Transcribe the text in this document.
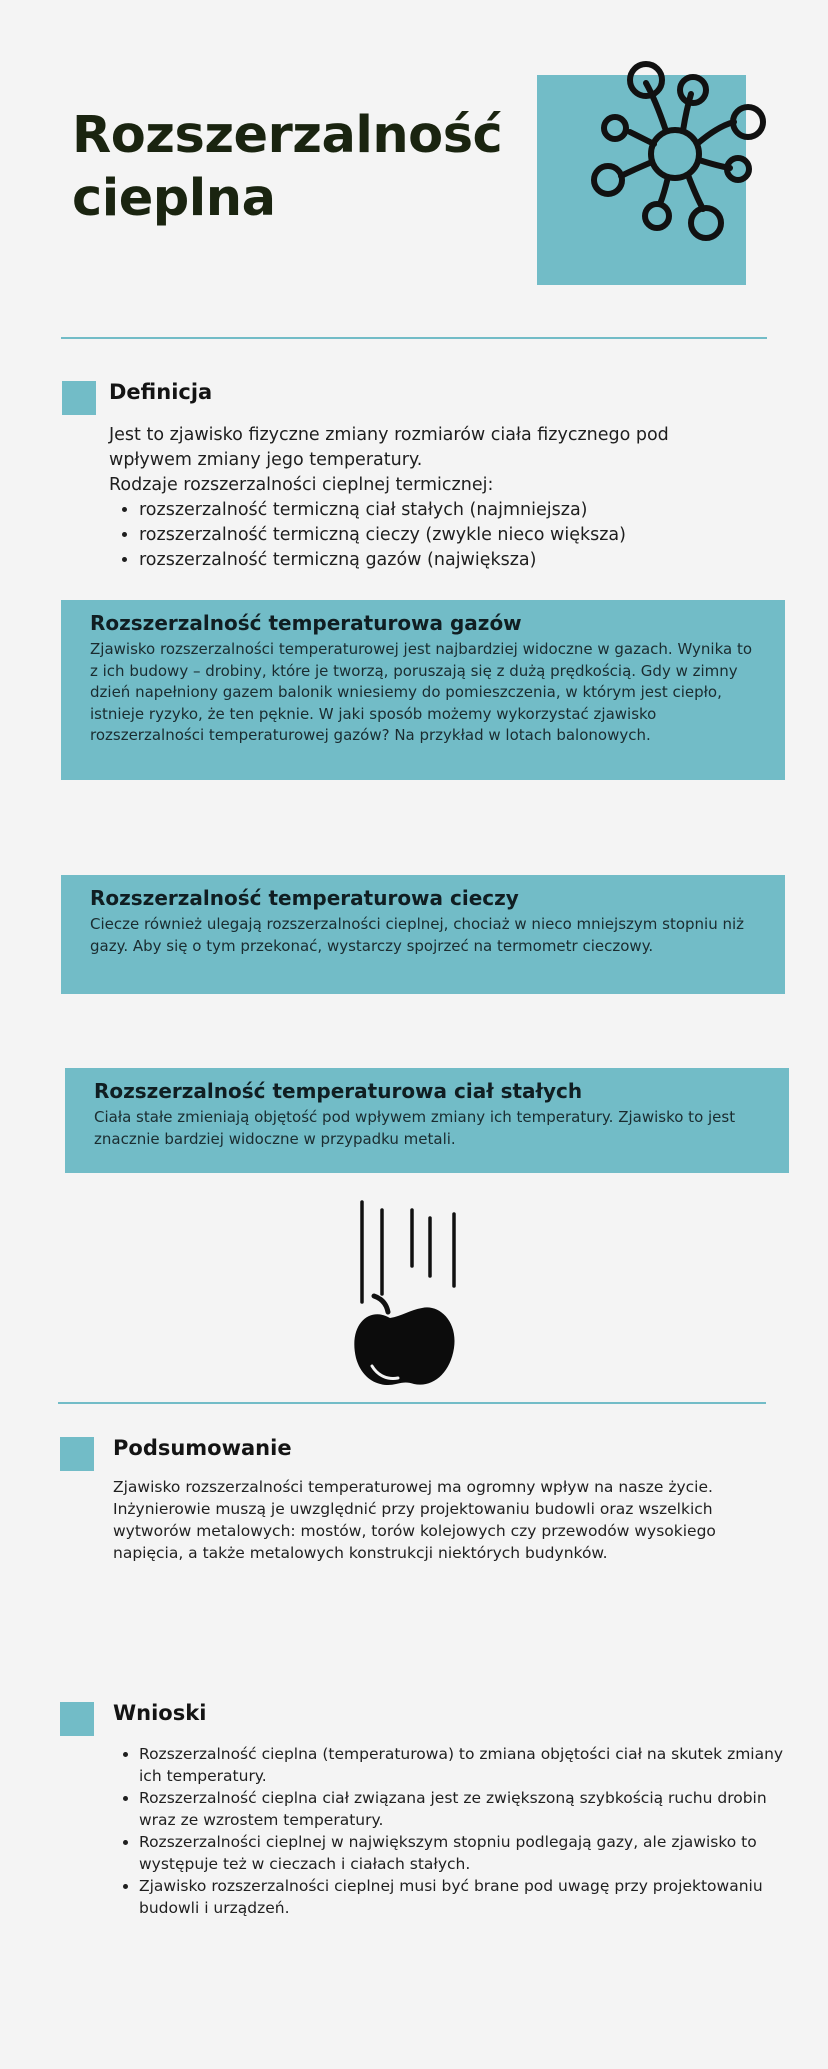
Rozszerzalność
cieplna
Definicja

Jest to zjawisko fizyczne zmiany rozmiarów ciała fizycznego pod wpływem zmiany jego temperatury.

Rodzaje rozszerzalności cieplnej termicznej:

• rozszerzalność termiczną ciał stałych (najmniejsza)
• rozszerzalność termiczną cieczy (zwykle nieco większa)
• rozszerzalność termiczną gazów (największa)
Rozszerzalność temperaturowa gazów

Zjawisko rozszerzalności temperaturowej jest najbardziej widoczne w gazach. Wynika to z ich budowy – drobiny, które je tworzą, poruszają się z dużą prędkością. Gdy w zimny dzień napełniony gazem balonik wniesiemy do pomieszczenia, w którym jest ciepło, istnieje ryzyko, że ten pęknie. W jaki sposób możemy wykorzystać zjawisko rozszerzalności temperaturowej gazów? Na przykład w lotach balonowych.

Rozszerzalność temperaturowa cieczy

Ciecze również ulegają rozszerzalności cieplnej, chociaż w nieco mniejszym stopniu niż gazy. Aby się o tym przekonać, wystarczy spojrzeć na termometr cieczowy.

Rozszerzalność temperaturowa ciał stałych

Ciała stałe zmieniają objętość pod wpływem zmiany ich temperatury. Zjawisko to jest znacznie bardziej widoczne w przypadku metali.

Podsumowanie
Zjawisko rozszerzalności temperaturowej ma ogromny wpływ na nasze życie. Inżynierowie muszą je uwzględnić przy projektowaniu budowli oraz wszelkich wytworów metalowych: mostów, torów kolejowych czy przewodów wysokiego napięcia, a także metalowych konstrukcji niektórych budynków.
Wnioski
• Rozszerzalność cieplna (temperaturowa) to zmiana objętości ciał na skutek zmiany ich temperatury.
• Rozszerzalność cieplna ciał związana jest ze zwiększoną szybkością ruchu drobin wraz ze wzrostem temperatury.
• Rozszerzalności cieplnej w największym stopniu podlegają gazy, ale zjawisko to występuje też w cieczach i ciałach stałych.
• Zjawisko rozszerzalności cieplnej musi być brane pod uwagę przy projektowaniu budowli i urządzeń.
